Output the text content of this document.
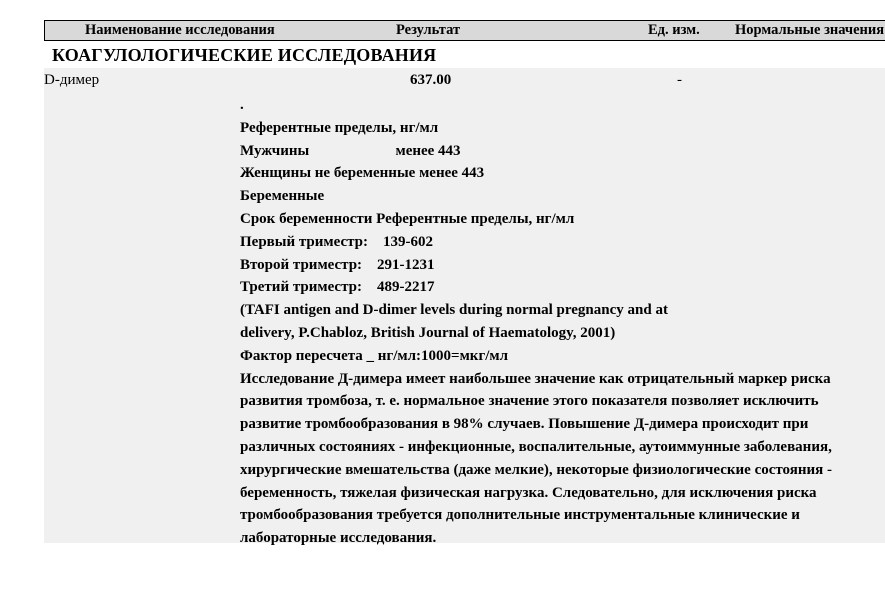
Наименование исследования	Результат	Ед. изм. Нормальные значения
КОАГУЛОЛОГИЧЕСКИЕ ИССЛЕДОВАНИЯ
D-димер	637.00	-
.
Референтные пределы, нг/мл
Мужчины                       менее 443
Женщины не беременные менее 443
Беременные
Срок беременности Референтные пределы, нг/мл
Первый триместр:    139-602
Второй триместр:    291-1231
Третий триместр:    489-2217
(TAFI antigen and D-dimer levels during normal pregnancy and at
delivery, P.Chabloz, British Journal of Haematology, 2001)
Фактор пересчета _ нг/мл:1000=мкг/мл
Исследование Д-димера имеет наибольшее значение как отрицательный маркер риска
развития тромбоза, т. е. нормальное значение этого показателя позволяет исключить
развитие тромбообразования в 98% случаев. Повышение Д-димера происходит при
различных состояниях - инфекционные, воспалительные, аутоиммунные заболевания,
хирургические вмешательства (даже мелкие), некоторые физиологические состояния -
беременность, тяжелая физическая нагрузка. Следовательно, для исключения риска
тромбообразования требуется дополнительные инструментальные клинические и
лабораторные исследования.
